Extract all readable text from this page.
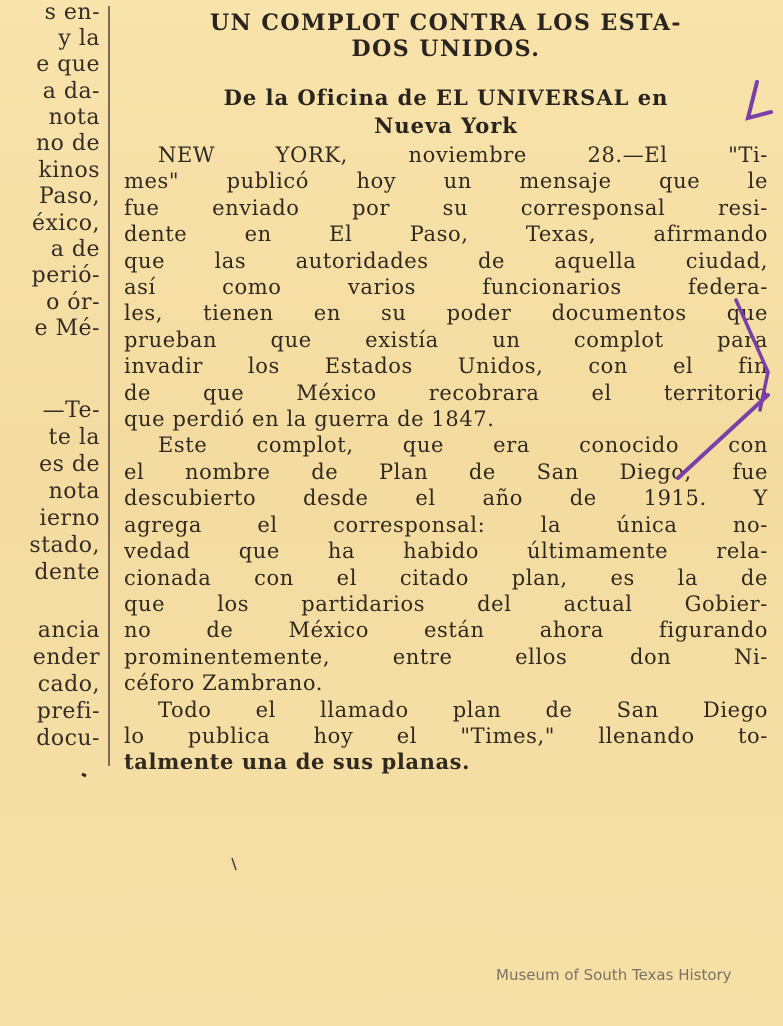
s en-
y la
e que
a da-
nota
no de
kinos
Paso,
éxico,
a de
perió-
o ór-
e Mé-
—Te-
te la
es de
nota
ierno
stado,
dente
ancia
ender
cado,
prefi-
docu-
UN COMPLOT CONTRA LOS ESTA-
DOS UNIDOS.
De la Oficina de EL UNIVERSAL en
Nueva York
NEW YORK, noviembre 28.—El "Ti-
mes" publicó hoy un mensaje que le
fue enviado por su corresponsal resi-
dente en El Paso, Texas, afirmando
que las autoridades de aquella ciudad,
así como varios funcionarios federa-
les, tienen en su poder documentos que
prueban que existía un complot para
invadir los Estados Unidos, con el fin
de que México recobrara el territorio
que perdió en la guerra de 1847.
Este complot, que era conocido con
el nombre de Plan de San Diego, fue
descubierto desde el año de 1915. Y
agrega el corresponsal: la única no-
vedad que ha habido últimamente rela-
cionada con el citado plan, es la de
que los partidarios del actual Gobier-
no de México están ahora figurando
prominentemente, entre ellos don Ni-
céforo Zambrano.
Todo el llamado plan de San Diego
lo publica hoy el "Times," llenando to-
talmente una de sus planas.
Museum of South Texas History
